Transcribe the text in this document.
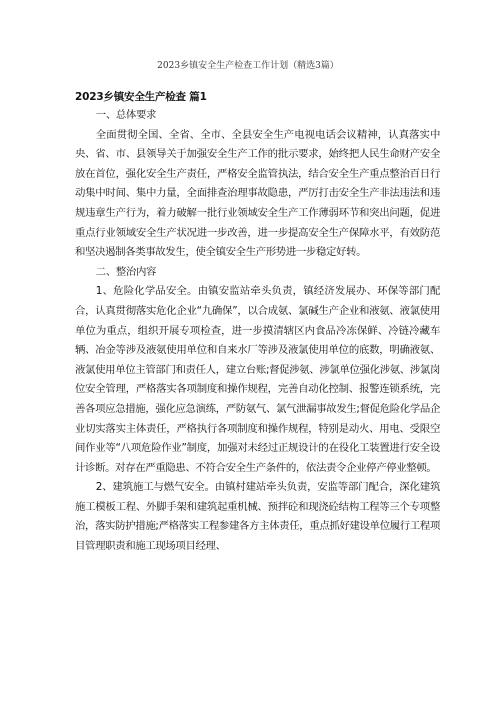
2023乡镇安全生产检查工作计划（精选3篇）
2023乡镇安全生产检查 篇1

一、总体要求

全面贯彻全国、全省、全市、全县安全生产电视电话会议精神，认真落实中央、省、市、县领导关于加强安全生产工作的批示要求，始终把人民生命财产安全放在首位，强化安全生产责任，严格安全监管执法，结合安全生产重点整治百日行动集中时间、集中力量，全面排查治理事故隐患，严厉打击安全生产非法违法和违规违章生产行为，着力破解一批行业领域安全生产工作薄弱环节和突出问题，促进重点行业领域安全生产状况进一步改善，进一步提高安全生产保障水平，有效防范和坚决遏制各类事故发生，使全镇安全生产形势进一步稳定好转。

二、整治内容

1、危险化学品安全。由镇安监站牵头负责，镇经济发展办、环保等部门配合，认真贯彻落实危化企业“九确保”，以合成氨、氯碱生产企业和液氨、液氯使用单位为重点，组织开展专项检查，进一步摸清辖区内食品冷冻保鲜、冷链冷藏车辆、冶金等涉及液氨使用单位和自来水厂等涉及液氯使用单位的底数，明确液氨、液氯使用单位主管部门和责任人，建立台账;督促涉氨、涉氯单位强化涉氨、涉氯岗位安全管理，严格落实各项制度和操作规程，完善自动化控制、报警连锁系统，完善各项应急措施，强化应急演练，严防氨气、氯气泄漏事故发生;督促危险化学品企业切实落实主体责任，严格执行各项制度和操作规程，特别是动火、用电、受限空间作业等“八项危险作业”制度，加强对未经过正规设计的在役化工装置进行安全设计诊断。对存在严重隐患、不符合安全生产条件的，依法责令企业停产停业整顿。

2、建筑施工与燃气安全。由镇村建站牵头负责，安监等部门配合，深化建筑施工模板工程、外脚手架和建筑起重机械、预拌砼和现浇砼结构工程等三个专项整治，落实防护措施;严格落实工程参建各方主体责任，重点抓好建设单位履行工程项目管理职责和施工现场项目经理、
